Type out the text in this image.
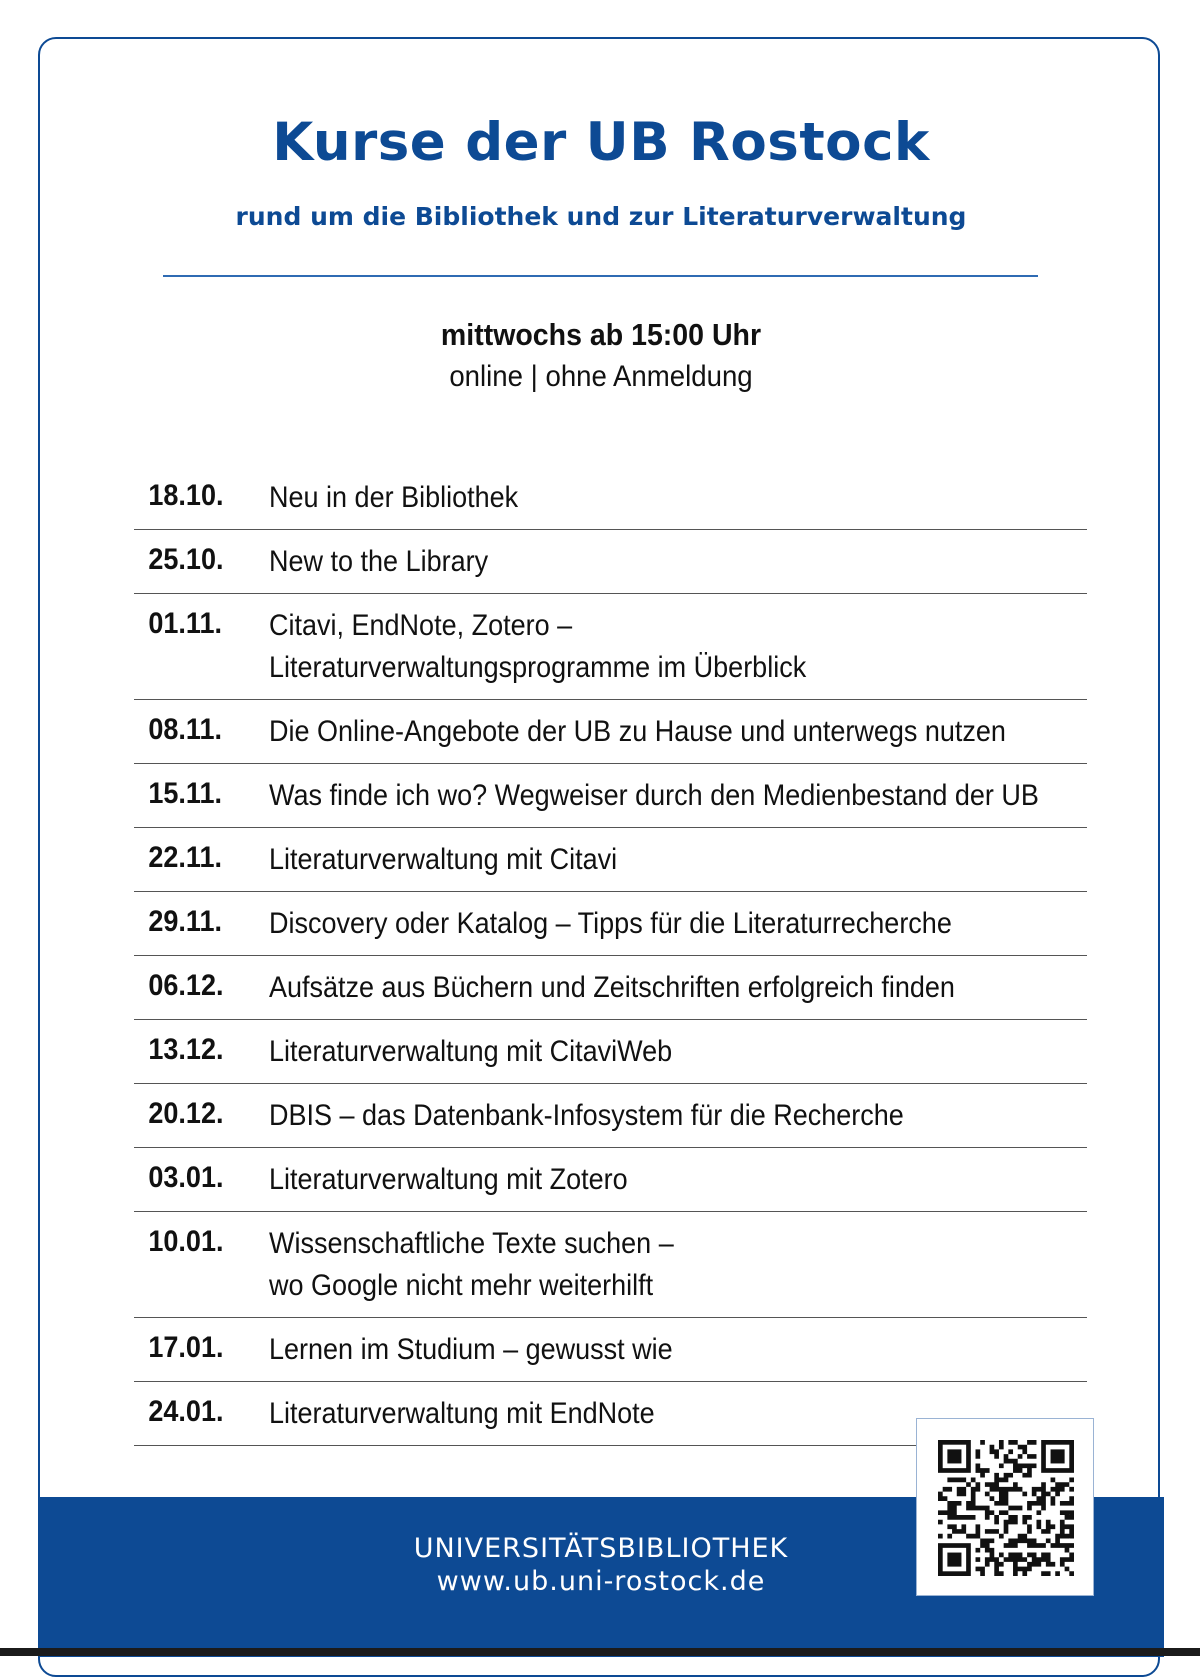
Kurse der UB Rostock
rund um die Bibliothek und zur Literaturverwaltung
mittwochs ab 15:00 Uhr
online | ohne Anmeldung
18.10.	Neu in der Bibliothek
25.10.	New to the Library
01.11.	Citavi, EndNote, Zotero –
Literaturverwaltungsprogramme im Überblick
08.11.	Die Online-Angebote der UB zu Hause und unterwegs nutzen
15.11.	Was finde ich wo? Wegweiser durch den Medienbestand der UB
22.11.	Literaturverwaltung mit Citavi
29.11.	Discovery oder Katalog – Tipps für die Literaturrecherche
06.12.	Aufsätze aus Büchern und Zeitschriften erfolgreich finden
13.12.	Literaturverwaltung mit CitaviWeb
20.12.	DBIS – das Datenbank-Infosystem für die Recherche
03.01.	Literaturverwaltung mit Zotero
10.01.	Wissenschaftliche Texte suchen –
wo Google nicht mehr weiterhilft
17.01.	Lernen im Studium – gewusst wie
24.01.	Literaturverwaltung mit EndNote
UNIVERSITÄTSBIBLIOTHEK
www.ub.uni-rostock.de
